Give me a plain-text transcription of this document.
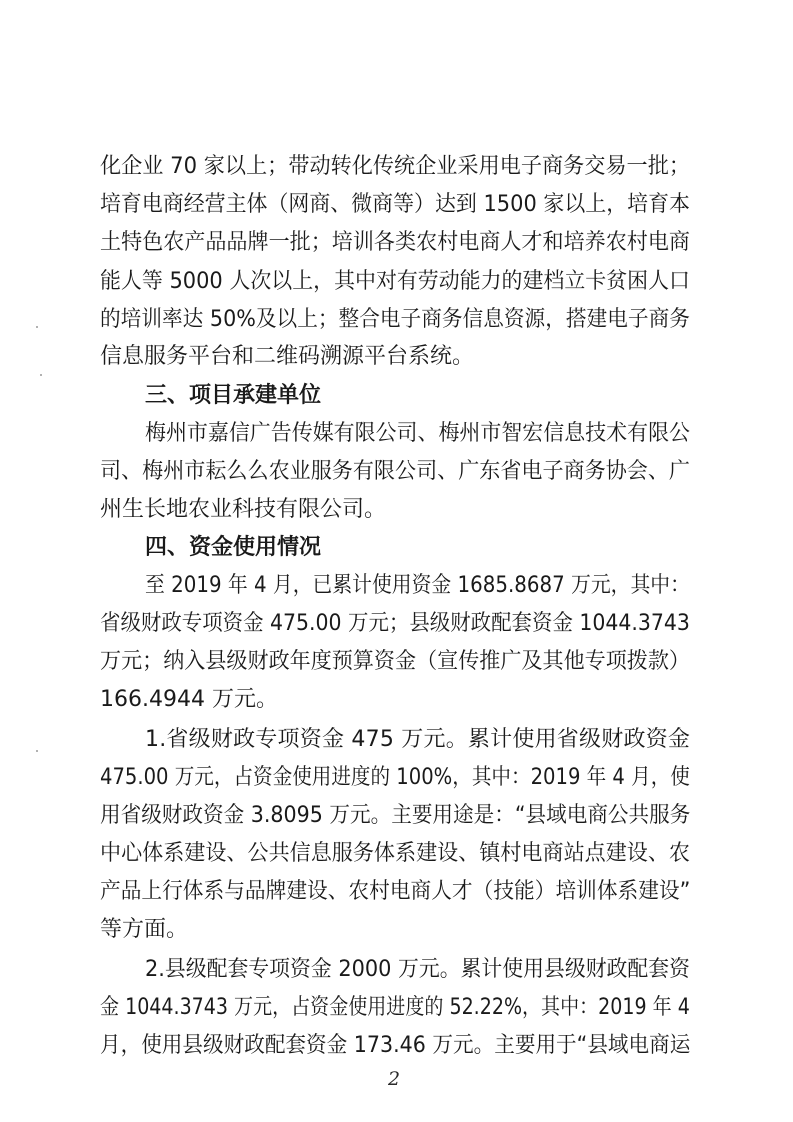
化企业 70 家以上；带动转化传统企业采用电子商务交易一批；
培育电商经营主体（网商、微商等）达到 1500 家以上，培育本
土特色农产品品牌一批；培训各类农村电商人才和培养农村电商
能人等 5000 人次以上，其中对有劳动能力的建档立卡贫困人口
的培训率达 50%及以上；整合电子商务信息资源，搭建电子商务
信息服务平台和二维码溯源平台系统。
三、项目承建单位
梅州市嘉信广告传媒有限公司、梅州市智宏信息技术有限公
司、梅州市耘么么农业服务有限公司、广东省电子商务协会、广
州生长地农业科技有限公司。
四、资金使用情况
至 2019 年 4 月，已累计使用资金 1685.8687 万元，其中：
省级财政专项资金 475.00 万元；县级财政配套资金 1044.3743
万元；纳入县级财政年度预算资金（宣传推广及其他专项拨款）
166.4944 万元。
1.省级财政专项资金 475 万元。累计使用省级财政资金
475.00 万元，占资金使用进度的 100%，其中：2019 年 4 月，使
用省级财政资金 3.8095 万元。主要用途是：“县域电商公共服务
中心体系建设、公共信息服务体系建设、镇村电商站点建设、农
产品上行体系与品牌建设、农村电商人才（技能）培训体系建设”
等方面。
2.县级配套专项资金 2000 万元。累计使用县级财政配套资
金 1044.3743 万元，占资金使用进度的 52.22%，其中：2019 年 4
月，使用县级财政配套资金 173.46 万元。主要用于“县域电商运
2
